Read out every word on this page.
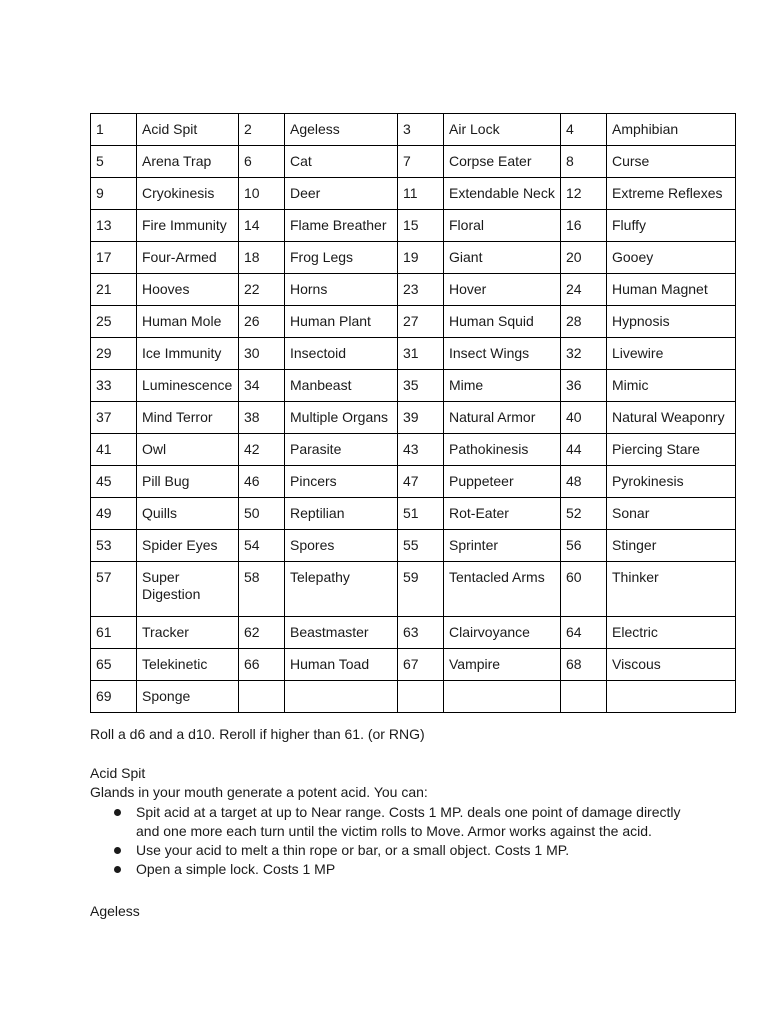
1	Acid Spit	2	Ageless	3	Air Lock	4	Amphibian
5	Arena Trap	6	Cat	7	Corpse Eater	8	Curse
9	Cryokinesis	10	Deer	11	Extendable Neck	12	Extreme Reflexes
13	Fire Immunity	14	Flame Breather	15	Floral	16	Fluffy
17	Four-Armed	18	Frog Legs	19	Giant	20	Gooey
21	Hooves	22	Horns	23	Hover	24	Human Magnet
25	Human Mole	26	Human Plant	27	Human Squid	28	Hypnosis
29	Ice Immunity	30	Insectoid	31	Insect Wings	32	Livewire
33	Luminescence	34	Manbeast	35	Mime	36	Mimic
37	Mind Terror	38	Multiple Organs	39	Natural Armor	40	Natural Weaponry
41	Owl	42	Parasite	43	Pathokinesis	44	Piercing Stare
45	Pill Bug	46	Pincers	47	Puppeteer	48	Pyrokinesis
49	Quills	50	Reptilian	51	Rot-Eater	52	Sonar
53	Spider Eyes	54	Spores	55	Sprinter	56	Stinger
57	Super Digestion	58	Telepathy	59	Tentacled Arms	60	Thinker
61	Tracker	62	Beastmaster	63	Clairvoyance	64	Electric
65	Telekinetic	66	Human Toad	67	Vampire	68	Viscous
69	Sponge						
Roll a d6 and a d10. Reroll if higher than 61. (or RNG)
Acid Spit
Glands in your mouth generate a potent acid. You can:
Spit acid at a target at up to Near range. Costs 1 MP. deals one point of damage directly and one more each turn until the victim rolls to Move. Armor works against the acid.
Use your acid to melt a thin rope or bar, or a small object. Costs 1 MP.
Open a simple lock. Costs 1 MP
Ageless
